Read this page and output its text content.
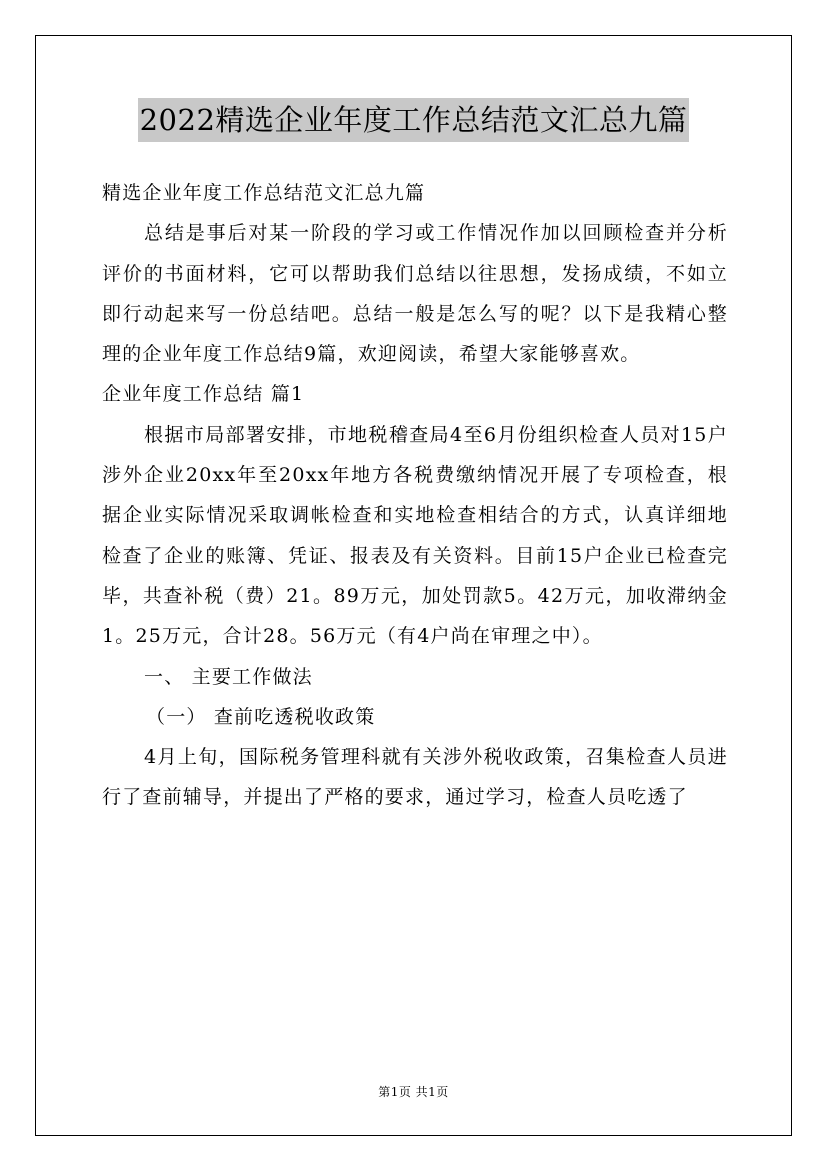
2022精选企业年度工作总结范文汇总九篇

精选企业年度工作总结范文汇总九篇

总结是事后对某一阶段的学习或工作情况作加以回顾检查并分析评价的书面材料，它可以帮助我们总结以往思想，发扬成绩，不如立即行动起来写一份总结吧。总结一般是怎么写的呢？以下是我精心整理的企业年度工作总结9篇，欢迎阅读，希望大家能够喜欢。

企业年度工作总结 篇1

根据市局部署安排，市地税稽查局4至6月份组织检查人员对15户涉外企业20xx年至20xx年地方各税费缴纳情况开展了专项检查，根据企业实际情况采取调帐检查和实地检查相结合的方式，认真详细地检查了企业的账簿、凭证、报表及有关资料。目前15户企业已检查完毕，共查补税（费）21。89万元，加处罚款5。42万元，加收滞纳金1。25万元，合计28。56万元（有4户尚在审理之中）。

一、 主要工作做法

（一） 查前吃透税收政策

4月上旬，国际税务管理科就有关涉外税收政策，召集检查人员进行了查前辅导，并提出了严格的要求，通过学习，检查人员吃透了

第1页 共1页
